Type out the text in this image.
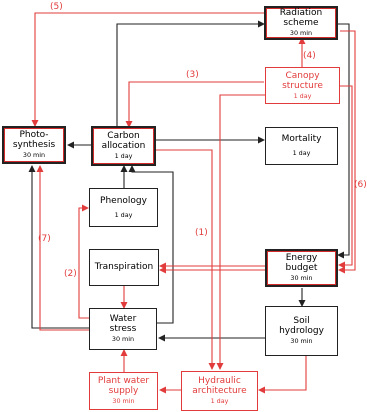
Radiation
scheme
30 min
Canopy
structure
1 day
Photo-
synthesis
30 min
Carbon
allocation
1 day
Mortality
1 day
Phenology
1 day
Transpiration
Energy
budget
30 min
Water
stress
30 min
Soil
hydrology
30 min
Plant water
supply
30 min
Hydraulic
architecture
1 day
(5)
(4)
(3)
(6)
(1)
(7)
(2)
